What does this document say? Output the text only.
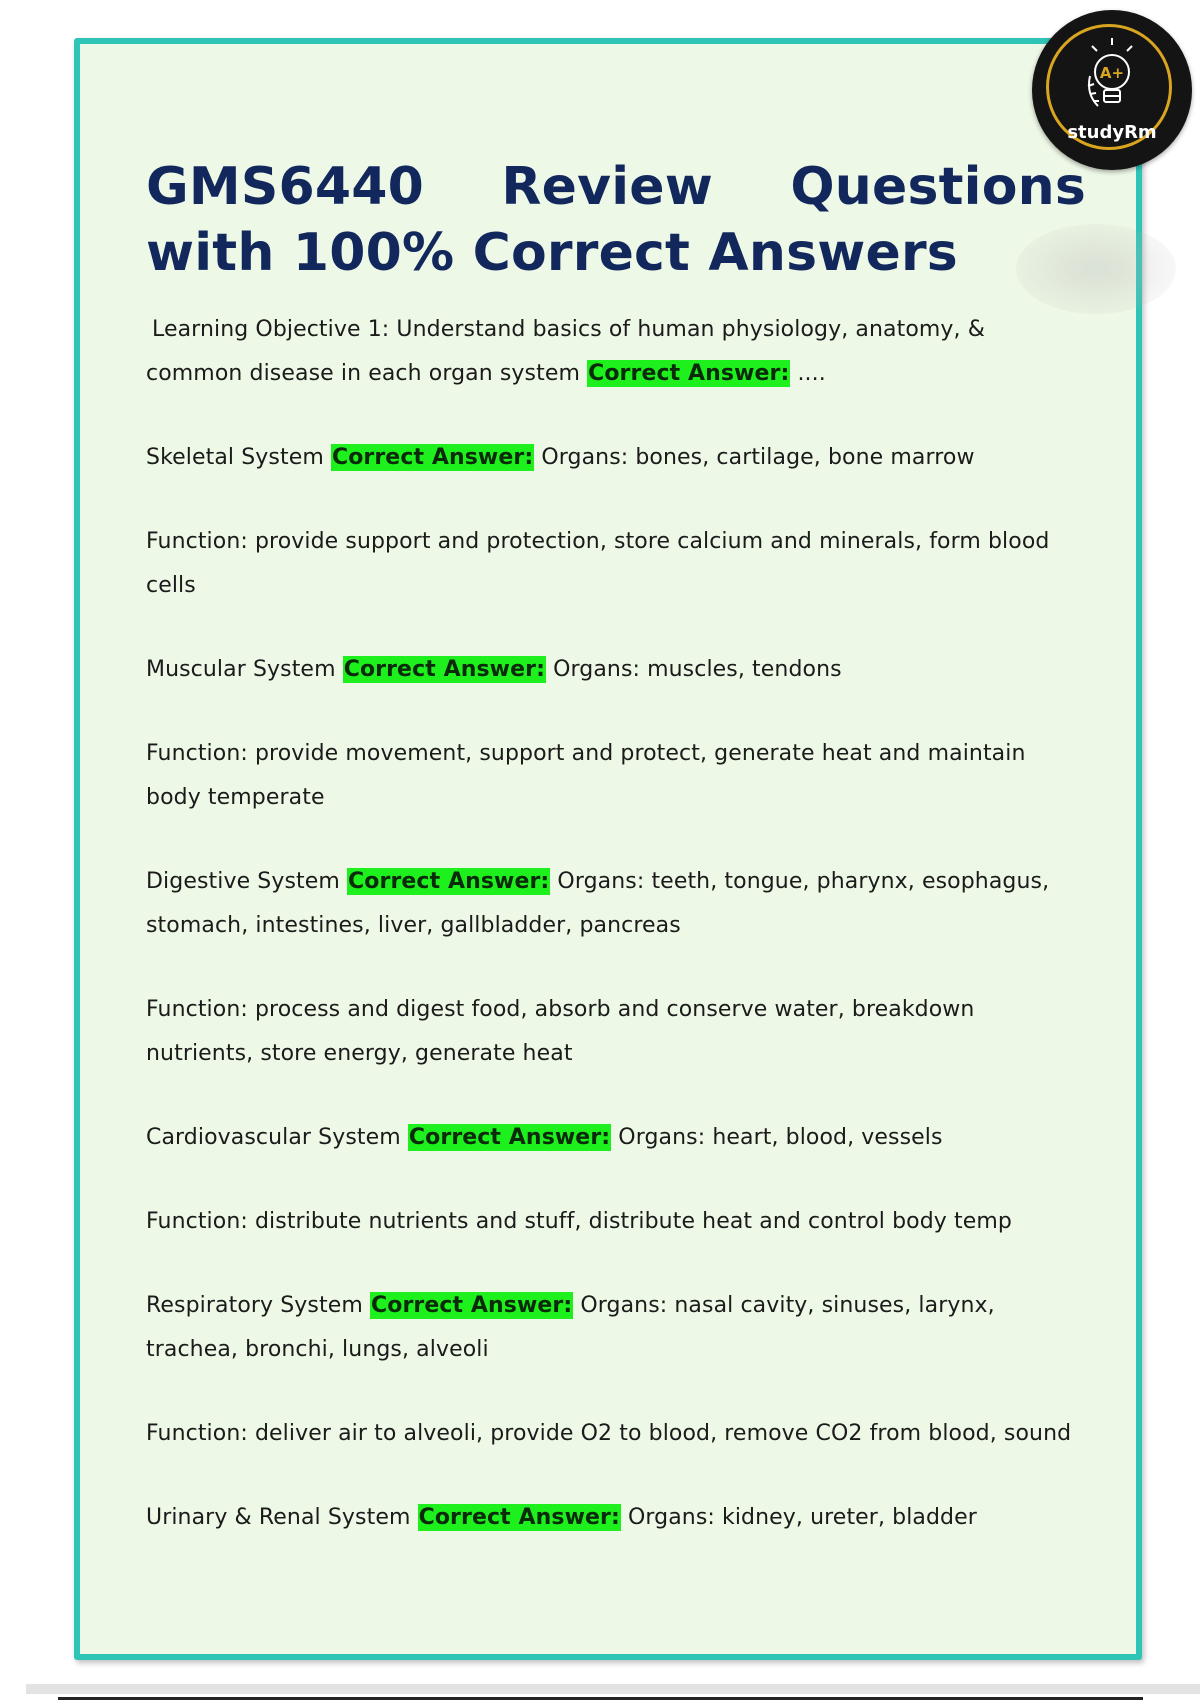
GMS6440 Review Questions with 100% Correct Answers

Learning Objective 1: Understand basics of human physiology, anatomy, & common disease in each organ system Correct Answer: ....

Skeletal System Correct Answer: Organs: bones, cartilage, bone marrow

Function: provide support and protection, store calcium and minerals, form blood cells

Muscular System Correct Answer: Organs: muscles, tendons

Function: provide movement, support and protect, generate heat and maintain body temperate

Digestive System Correct Answer: Organs: teeth, tongue, pharynx, esophagus, stomach, intestines, liver, gallbladder, pancreas

Function: process and digest food, absorb and conserve water, breakdown nutrients, store energy, generate heat

Cardiovascular System Correct Answer: Organs: heart, blood, vessels

Function: distribute nutrients and stuff, distribute heat and control body temp

Respiratory System Correct Answer: Organs: nasal cavity, sinuses, larynx, trachea, bronchi, lungs, alveoli

Function: deliver air to alveoli, provide O2 to blood, remove CO2 from blood, sound

Urinary & Renal System Correct Answer: Organs: kidney, ureter, bladder

A+
studyRm
